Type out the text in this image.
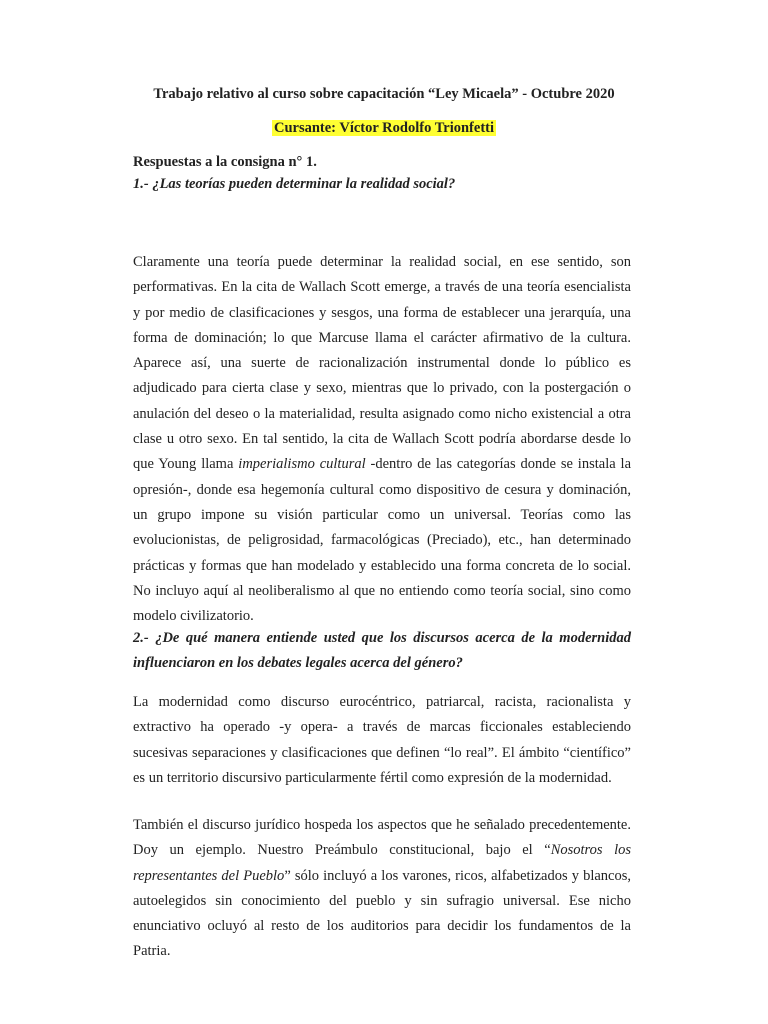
Trabajo relativo al curso sobre capacitación “Ley Micaela” - Octubre 2020
Cursante: Víctor Rodolfo Trionfetti
Respuestas a la consigna n° 1.
1.- ¿Las teorías pueden determinar la realidad social?
Claramente una teoría puede determinar la realidad social, en ese sentido, son performativas. En la cita de Wallach Scott emerge, a través de una teoría esencialista y por medio de clasificaciones y sesgos, una forma de establecer una jerarquía, una forma de dominación; lo que Marcuse llama el carácter afirmativo de la cultura. Aparece así, una suerte de racionalización instrumental donde lo público es adjudicado para cierta clase y sexo, mientras que lo privado, con la postergación o anulación del deseo o la materialidad, resulta asignado como nicho existencial a otra clase u otro sexo. En tal sentido, la cita de Wallach Scott podría abordarse desde lo que Young llama imperialismo cultural -dentro de las categorías donde se instala la opresión-, donde esa hegemonía cultural como dispositivo de cesura y dominación, un grupo impone su visión particular como un universal. Teorías como las evolucionistas, de peligrosidad, farmacológicas (Preciado), etc., han determinado prácticas y formas que han modelado y establecido una forma concreta de lo social. No incluyo aquí al neoliberalismo al que no entiendo como teoría social, sino como modelo civilizatorio.
2.- ¿De qué manera entiende usted que los discursos acerca de la modernidad influenciaron en los debates legales acerca del género?
La modernidad como discurso eurocéntrico, patriarcal, racista, racionalista y extractivo ha operado -y opera- a través de marcas ficcionales estableciendo sucesivas separaciones y clasificaciones que definen “lo real”. El ámbito “científico” es un territorio discursivo particularmente fértil como expresión de la modernidad.
También el discurso jurídico hospeda los aspectos que he señalado precedentemente. Doy un ejemplo. Nuestro Preámbulo constitucional, bajo el “Nosotros los representantes del Pueblo” sólo incluyó a los varones, ricos, alfabetizados y blancos, autoelegidos sin conocimiento del pueblo y sin sufragio universal. Ese nicho enunciativo ocluyó al resto de los auditorios para decidir los fundamentos de la Patria.
